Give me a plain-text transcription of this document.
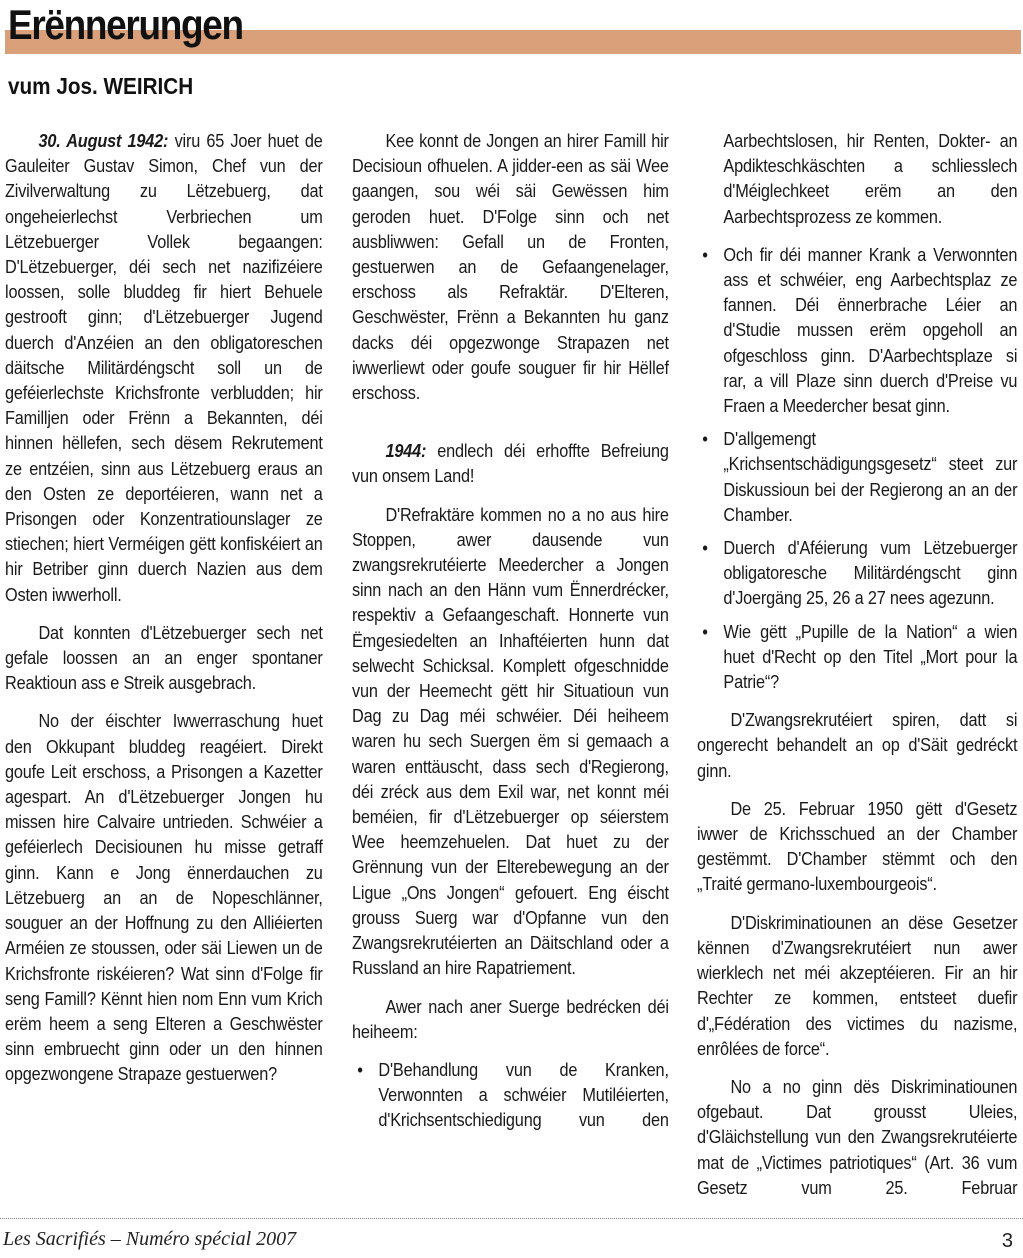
Erënnerungen
vum Jos. WEIRICH

30. August 1942: viru 65 Joer huet de Gauleiter Gustav Simon, Chef vun der Zivilverwaltung zu Lëtzebuerg, dat ongeheierlechst Verbriechen um Lëtzebuerger Vollek begaangen: D'Lëtzebuerger, déi sech net nazifizéiere loossen, solle bluddeg fir hiert Behuele gestrooft ginn; d'Lëtzebuerger Jugend duerch d'Anzéien an den obligatoreschen däitsche Militärdéngscht soll un de geféierlechste Krichsfronte verbludden; hir Familljen oder Frënn a Bekannten, déi hinnen hëllefen, sech dësem Rekrutement ze entzéien, sinn aus Lëtzebuerg eraus an den Osten ze deportéieren, wann net a Prisongen oder Konzentratiounslager ze stiechen; hiert Verméigen gëtt konfiskéiert an hir Betriber ginn duerch Nazien aus dem Osten iwwerholl.

Dat konnten d'Lëtzebuerger sech net gefale loossen an an enger spontaner Reaktioun ass e Streik ausgebrach.

No der éischter Iwwerraschung huet den Okkupant bluddeg reagéiert. Direkt goufe Leit erschoss, a Prisongen a Kazetter agespart. An d'Lëtzebuerger Jongen hu missen hire Calvaire untrieden. Schwéier a geféierlech Decisiounen hu misse getraff ginn. Kann e Jong ënnerdauchen zu Lëtzebuerg an an de Nopeschlänner, souguer an der Hoffnung zu den Alliéierten Arméien ze stoussen, oder säi Liewen un de Krichsfronte riskéieren? Wat sinn d'Folge fir seng Famill? Kënnt hien nom Enn vum Krich erëm heem a seng Elteren a Geschwëster sinn embruecht ginn oder un den hinnen opgezwongene Strapaze gestuerwen?

Kee konnt de Jongen an hirer Famill hir Decisioun ofhuelen. A jidder-een as säi Wee gaangen, sou wéi säi Gewëssen him geroden huet. D'Folge sinn och net ausbliwwen: Gefall un de Fronten, gestuerwen an de Gefaangenelager, erschoss als Refraktär. D'Elteren, Geschwëster, Frënn a Bekannten hu ganz dacks déi opgezwonge Strapazen net iwwerliewt oder goufe souguer fir hir Hëllef erschoss.

1944: endlech déi erhoffte Befreiung vun onsem Land!

D'Refraktäre kommen no a no aus hire Stoppen, awer dausende vun zwangsrekrutéierte Meedercher a Jongen sinn nach an den Hänn vum Ënnerdrécker, respektiv a Gefaangeschaft. Honnerte vun Ëmgesiedelten an Inhaftéierten hunn dat selwecht Schicksal. Komplett ofgeschnidde vun der Heemecht gëtt hir Situatioun vun Dag zu Dag méi schwéier. Déi heiheem waren hu sech Suergen ëm si gemaach a waren enttäuscht, dass sech d'Regierong, déi zréck aus dem Exil war, net konnt méi beméien, fir d'Lëtzebuerger op séierstem Wee heemzehuelen. Dat huet zu der Grënnung vun der Elterebewegung an der Ligue „Ons Jongen“ gefouert. Eng éischt grouss Suerg war d'Opfanne vun den Zwangsrekrutéierten an Däitschland oder a Russland an hire Rapatriement.

Awer nach aner Suerge bedrécken déi heiheem:

• D'Behandlung vun de Kranken, Verwonnten a schwéier Mutiléierten, d'Krichsentschiedigung vun den

Aarbechtslosen, hir Renten, Dokter- an Apdikteschkäschten a schliesslech d'Méiglechkeet erëm an den Aarbechtsprozess ze kommen.

• Och fir déi manner Krank a Verwonnten ass et schwéier, eng Aarbechtsplaz ze fannen. Déi ënnerbrache Léier an d'Studie mussen erëm opgeholl an ofgeschloss ginn. D'Aarbechtsplaze si rar, a vill Plaze sinn duerch d'Preise vu Fraen a Meedercher besat ginn.
• D'allgemengt „Krichsentschädigungsgesetz“ steet zur Diskussioun bei der Regierong an an der Chamber.
• Duerch d'Aféierung vum Lëtzebuerger obligatoresche Militärdéngscht ginn d'Joergäng 25, 26 a 27 nees agezunn.
• Wie gëtt „Pupille de la Nation“ a wien huet d'Recht op den Titel „Mort pour la Patrie“?

D'Zwangsrekrutéiert spiren, datt si ongerecht behandelt an op d'Säit gedréckt ginn.

De 25. Februar 1950 gëtt d'Gesetz iwwer de Krichsschued an der Chamber gestëmmt. D'Chamber stëmmt och den „Traité germano-luxembourgeois“.

D'Diskriminatiounen an dëse Gesetzer kënnen d'Zwangsrekrutéiert nun awer wierklech net méi akzeptéieren. Fir an hir Rechter ze kommen, entsteet duefir d'„Fédération des victimes du nazisme, enrôlées de force“.

No a no ginn dës Diskriminatiounen ofgebaut. Dat grousst Uleies, d'Gläichstellung vun den Zwangsrekrutéierte mat de „Victimes patriotiques“ (Art. 36 vum Gesetz vum 25. Februar

Les Sacrifiés – Numéro spécial 2007	3
